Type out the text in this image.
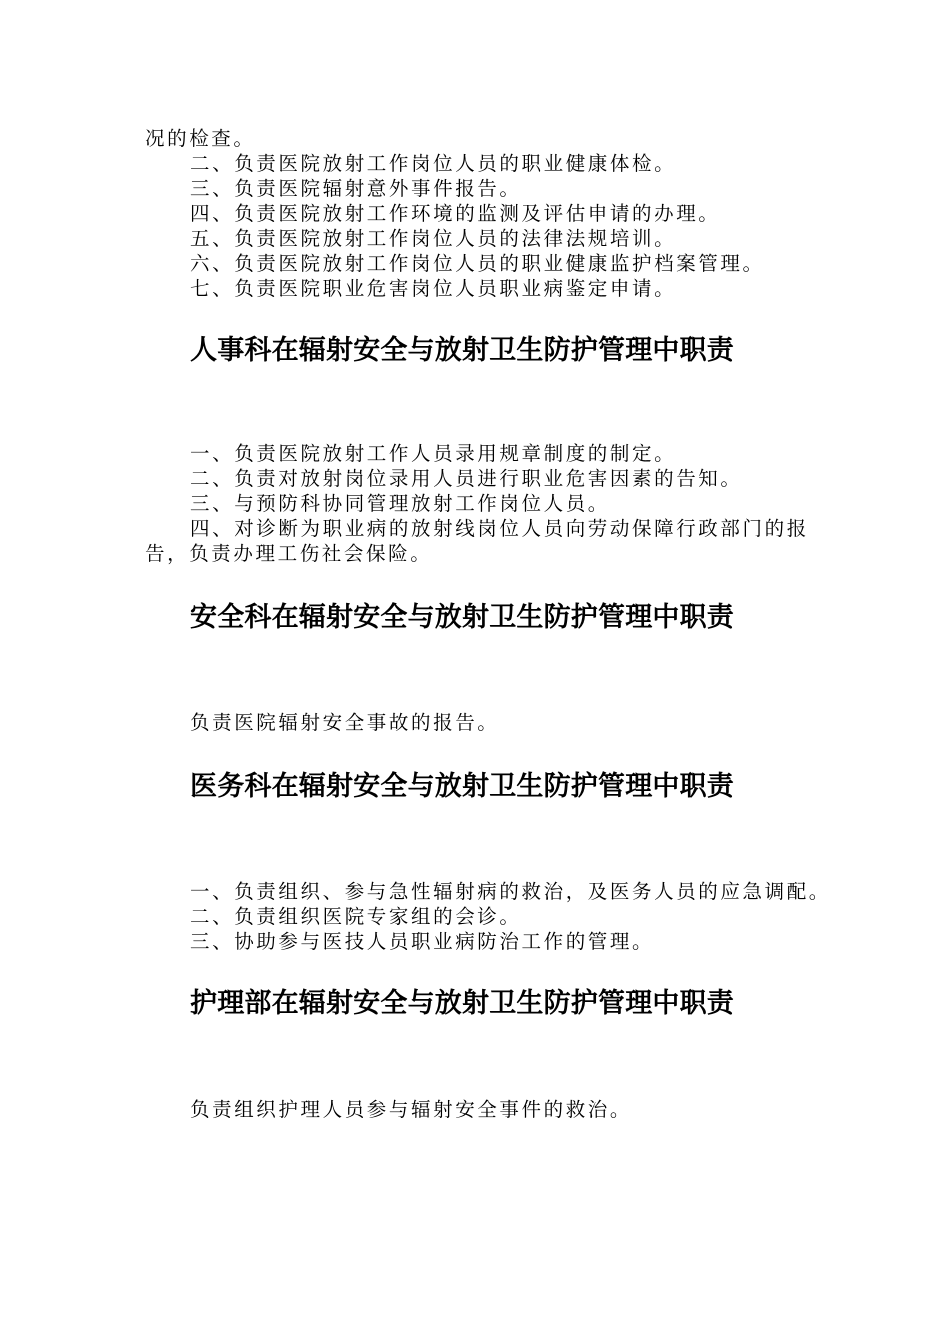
况的检查。
二、负责医院放射工作岗位人员的职业健康体检。
三、负责医院辐射意外事件报告。
四、负责医院放射工作环境的监测及评估申请的办理。
五、负责医院放射工作岗位人员的法律法规培训。
六、负责医院放射工作岗位人员的职业健康监护档案管理。
七、负责医院职业危害岗位人员职业病鉴定申请。
人事科在辐射安全与放射卫生防护管理中职责
一、负责医院放射工作人员录用规章制度的制定。
二、负责对放射岗位录用人员进行职业危害因素的告知。
三、与预防科协同管理放射工作岗位人员。
四、对诊断为职业病的放射线岗位人员向劳动保障行政部门的报
告，负责办理工伤社会保险。
安全科在辐射安全与放射卫生防护管理中职责
负责医院辐射安全事故的报告。
医务科在辐射安全与放射卫生防护管理中职责
一、负责组织、参与急性辐射病的救治，及医务人员的应急调配。
二、负责组织医院专家组的会诊。
三、协助参与医技人员职业病防治工作的管理。
护理部在辐射安全与放射卫生防护管理中职责
负责组织护理人员参与辐射安全事件的救治。
